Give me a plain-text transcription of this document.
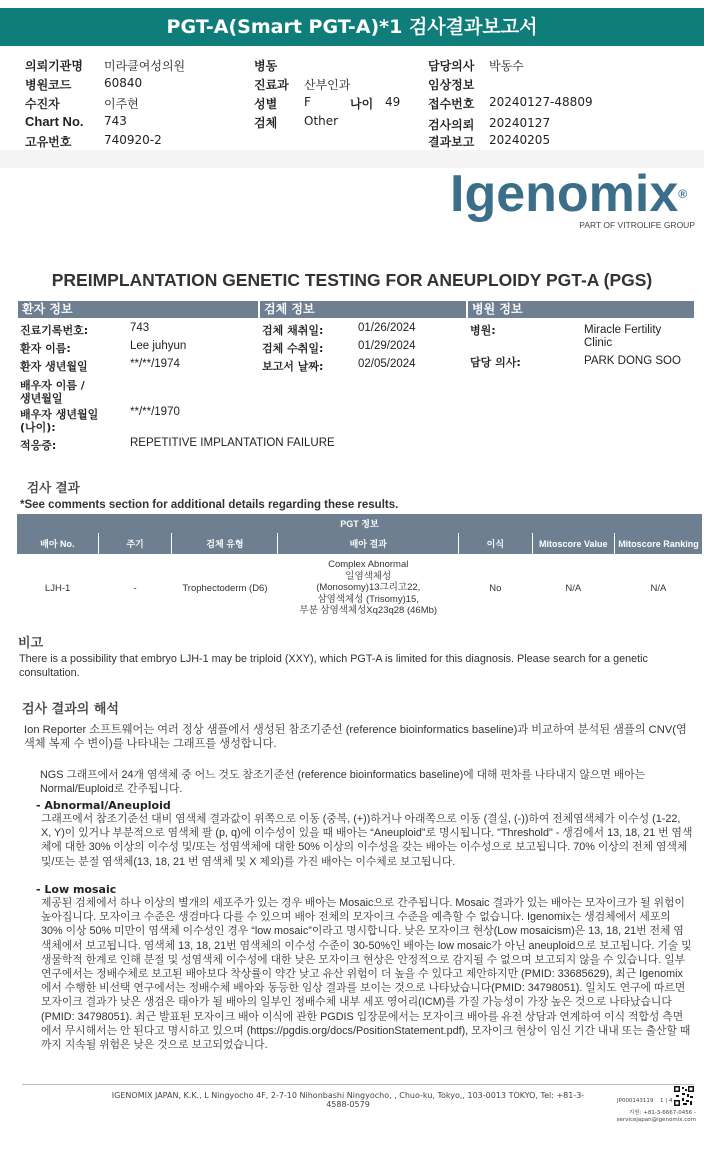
PGT-A(Smart PGT-A)*1 검사결과보고서
의뢰기관명 미라클여성의원
병원코드	60840
수진자	이주현
Chart No. 743
고유번호	740920-2
병동
진료과 산부인과
성별 F	나이 49
검체 Other
담당의사 박동수
임상정보
접수번호 20240127-48809
검사의뢰 20240127
결과보고 20240205
Igenomix®
PART OF VITROLIFE GROUP
PREIMPLANTATION GENETIC TESTING FOR ANEUPLOIDY PGT-A (PGS)
환자 정보	검체 정보	병원 정보
진료기록번호:	743
환자 이름:	Lee juhyun
환자 생년월일	**/**/1974
배우자 이름 /
생년월일
배우자 생년월일
(나이):
**/**/1970
적응증:	REPETITIVE IMPLANTATION FAILURE
검체 채취일:	01/26/2024
검체 수취일:	01/29/2024
보고서 날짜:	02/05/2024
병원:	Miracle Fertility
Clinic
담당 의사:	PARK DONG SOO
검사 결과
*See comments section for additional details regarding these results.
PGT 정보						
배아 No.	주기	검체 유형	배아 결과	이식	Mitoscore Value	Mitoscore Ranking
LJH-1	-	Trophectoderm (D6)	Complex Abnormal
일염색체성
(Monosomy)13그리고22,
삼염색체성 (Trisomy)15,
부분 삼염색체성Xq23q28 (46Mb)	No	N/A	N/A
비고
There is a possibility that embryo LJH-1 may be triploid (XXY), which PGT-A is limited for this diagnosis. Please search for a genetic consultation.
검사 결과의 해석
Ion Reporter 소프트웨어는 여러 정상 샘플에서 생성된 참조기준선 (reference bioinformatics baseline)과 비교하여 분석된 샘플의 CNV(염색체 복제 수 변이)를 나타내는 그래프를 생성합니다.
NGS 그래프에서 24개 염색체 중 어느 것도 참조기준선 (reference bioinformatics baseline)에 대해 편차를 나타내지 않으면 배아는 Normal/Euploid로 간주됩니다.
- Abnormal/Aneuploid
그래프에서 참조기준선 대비 염색체 결과값이 위쪽으로 이동 (중복, (+))하거나 아래쪽으로 이동 (결실, (-))하여 전체염색체가 이수성 (1-22, X, Y)이 있거나 부분적으로 염색체 팔 (p, q)에 이수성이 있을 때 배아는 “Aneuploid”로 명시됩니다. "Threshold" - 생검에서 13, 18, 21 번 염색체에 대한 30% 이상의 이수성 및/또는 성염색체에 대한 50% 이상의 이수성을 갖는 배아는 이수성으로 보고됩니다. 70% 이상의 전체 염색체 및/또는 분절 염색체(13, 18, 21 번 염색체 및 X 제외)를 가진 배아는 이수체로 보고됩니다.
- Low mosaic
제공된 검체에서 하나 이상의 별개의 세포주가 있는 경우 배아는 Mosaic으로 간주됩니다. Mosaic 결과가 있는 배아는 모자이크가 될 위험이 높아집니다. 모자이크 수준은 생검마다 다를 수 있으며 배아 전체의 모자이크 수준을 예측할 수 없습니다. Igenomix는 생검체에서 세포의 30% 이상 50% 미만이 염색체 이수성인 경우 “low mosaic”이라고 명시합니다. 낮은 모자이크 현상(Low mosaicism)은 13, 18, 21번 전체 염색체에서 보고됩니다. 염색체 13, 18, 21번 염색체의 이수성 수준이 30-50%인 배아는 low mosaic가 아닌 aneuploid으로 보고됩니다. 기술 및 생물학적 한계로 인해 분절 및 성염색체 이수성에 대한 낮은 모자이크 현상은 안정적으로 감지될 수 없으며 보고되지 않을 수 있습니다. 일부 연구에서는 정배수체로 보고된 배아보다 착상률이 약간 낮고 유산 위험이 더 높을 수 있다고 제안하지만 (PMID: 33685629), 최근 Igenomix에서 수행한 비선택 연구에서는 정배수체 배아와 동등한 임상 결과를 보이는 것으로 나타났습니다(PMID: 34798051). 일치도 연구에 따르면 모자이크 결과가 낮은 생검은 태아가 될 배아의 일부인 정배수체 내부 세포 영어리(ICM)를 가질 가능성이 가장 높은 것으로 나타났습니다(PMID: 34798051). 최근 발표된 모자이크 배아 이식에 관한 PGDIS 입장문에서는 모자이크 배아를 유전 상담과 연계하여 이식 적합성 측면에서 무시해서는 안 된다고 명시하고 있으며 (https://pgdis.org/docs/PositionStatement.pdf), 모자이크 현상이 임신 기간 내내 또는 출산할 때까지 지속될 위험은 낮은 것으로 보고되었습니다.
IGENOMIX JAPAN, K.K., L Ningyocho 4F, 2-7-10 Nihonbashi Ningyocho, , Chuo-ku, Tokyo,, 103-0013 TOKYO, Tel: +81-3-
4588-0579	JP000143119 1 | 4
지원: +81-3-6667-0456 -
servicejapan@igenomix.com
